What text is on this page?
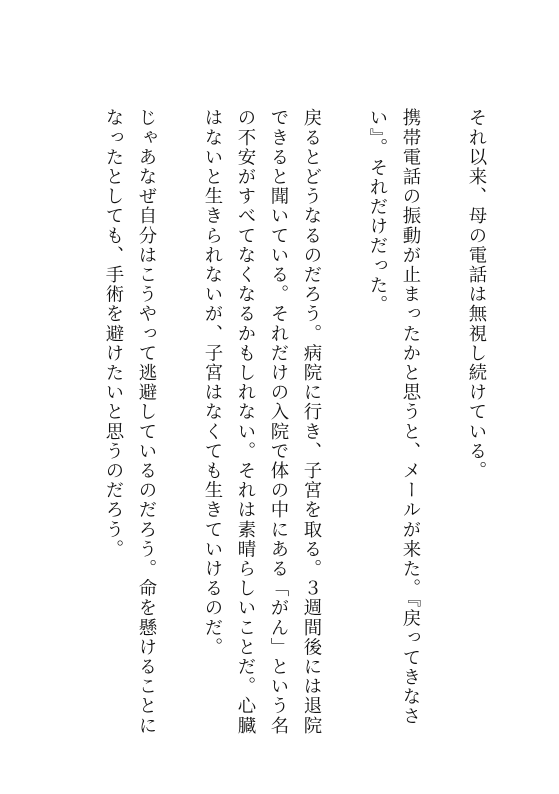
それ以来、母の電話は無視し続けている。

携帯電話の振動が止まったかと思うと、メールが来た。『戻ってきなさい』。それだけだった。

戻るとどうなるのだろう。病院に行き、子宮を取る。３週間後には退院できると聞いている。それだけの入院で体の中にある「がん」という名の不安がすべてなくなるかもしれない。それは素晴らしいことだ。心臓はないと生きられないが、子宮はなくても生きていけるのだ。

じゃあなぜ自分はこうやって逃避しているのだろう。命を懸けることになったとしても、手術を避けたいと思うのだろう。
